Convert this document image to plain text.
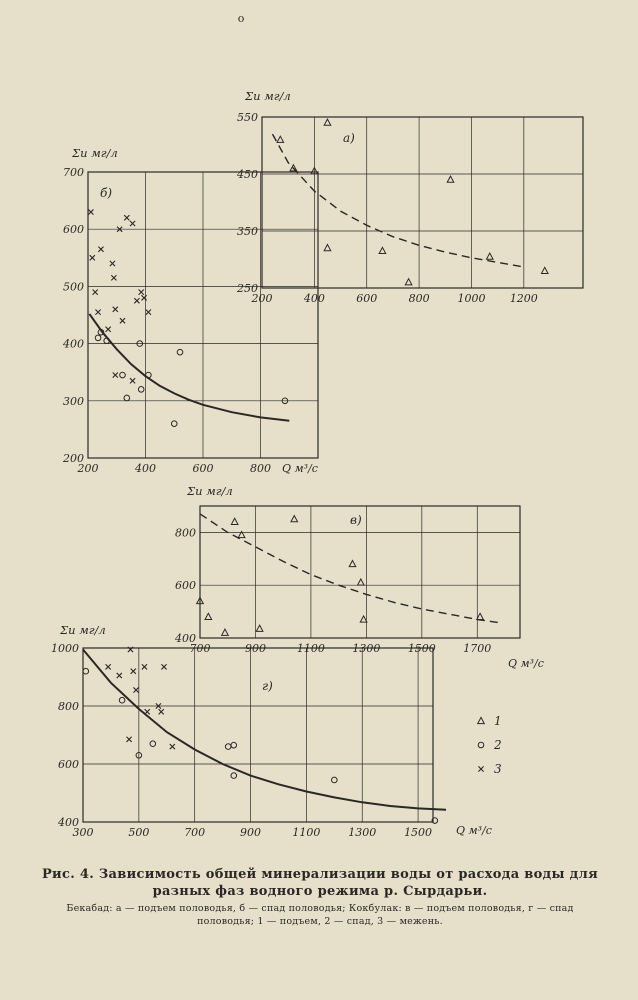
о
200	400	600	800	1000 1200
250
350
450
550
Σи мг/л
а)
200	400	600	800
200
300
400
500
600
700
Σи мг/л
б)
Q м³/с
700	900	1100 1300 1500 1700
400
600
800
Σи мг/л
в)
Q м³/с
300	500	700	900	1100	1300	1500
400
600
800
1000
Σи мг/л
г)
Q м³/с
1
2
3

Рис. 4. Зависимость общей минерализации воды от расхода воды для разных фаз водного режима р. Сырдарьи.

Бекабад: а — подъем половодья, б — спад половодья; Кокбулак: в — подъем половодья, г — спад половодья; 1 — подъем, 2 — спад, 3 — межень.
